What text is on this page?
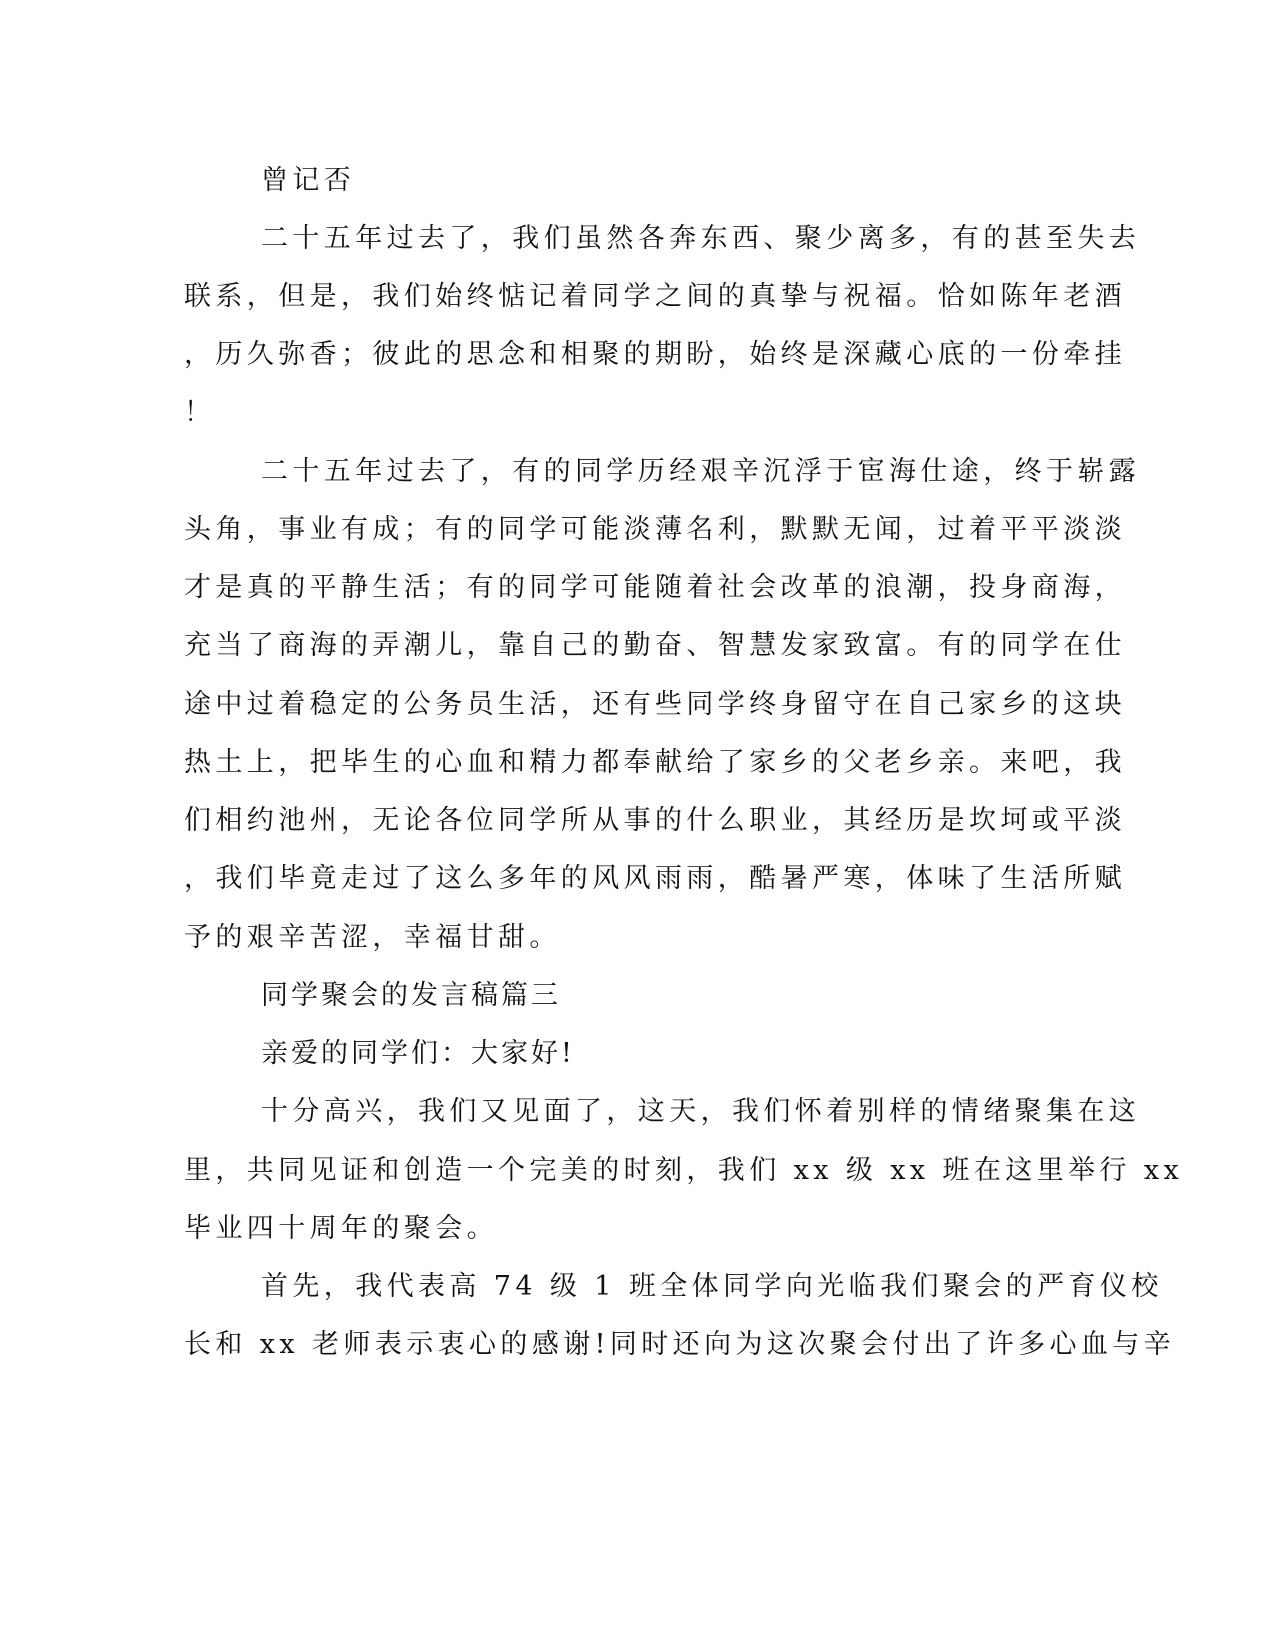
曾记否
二十五年过去了，我们虽然各奔东西、聚少离多，有的甚至失去
联系，但是，我们始终惦记着同学之间的真挚与祝福。恰如陈年老酒
，历久弥香；彼此的思念和相聚的期盼，始终是深藏心底的一份牵挂
！
二十五年过去了，有的同学历经艰辛沉浮于宦海仕途，终于崭露
头角，事业有成；有的同学可能淡薄名利，默默无闻，过着平平淡淡
才是真的平静生活；有的同学可能随着社会改革的浪潮，投身商海，
充当了商海的弄潮儿，靠自己的勤奋、智慧发家致富。有的同学在仕
途中过着稳定的公务员生活，还有些同学终身留守在自己家乡的这块
热土上，把毕生的心血和精力都奉献给了家乡的父老乡亲。来吧，我
们相约池州，无论各位同学所从事的什么职业，其经历是坎坷或平淡
，我们毕竟走过了这么多年的风风雨雨，酷暑严寒，体味了生活所赋
予的艰辛苦涩，幸福甘甜。
同学聚会的发言稿篇三
亲爱的同学们：大家好!
十分高兴，我们又见面了，这天，我们怀着别样的情绪聚集在这
里，共同见证和创造一个完美的时刻，我们 xx 级 xx 班在这里举行 xx
毕业四十周年的聚会。
首先，我代表高 74 级 1 班全体同学向光临我们聚会的严育仪校
长和 xx 老师表示衷心的感谢!同时还向为这次聚会付出了许多心血与辛
